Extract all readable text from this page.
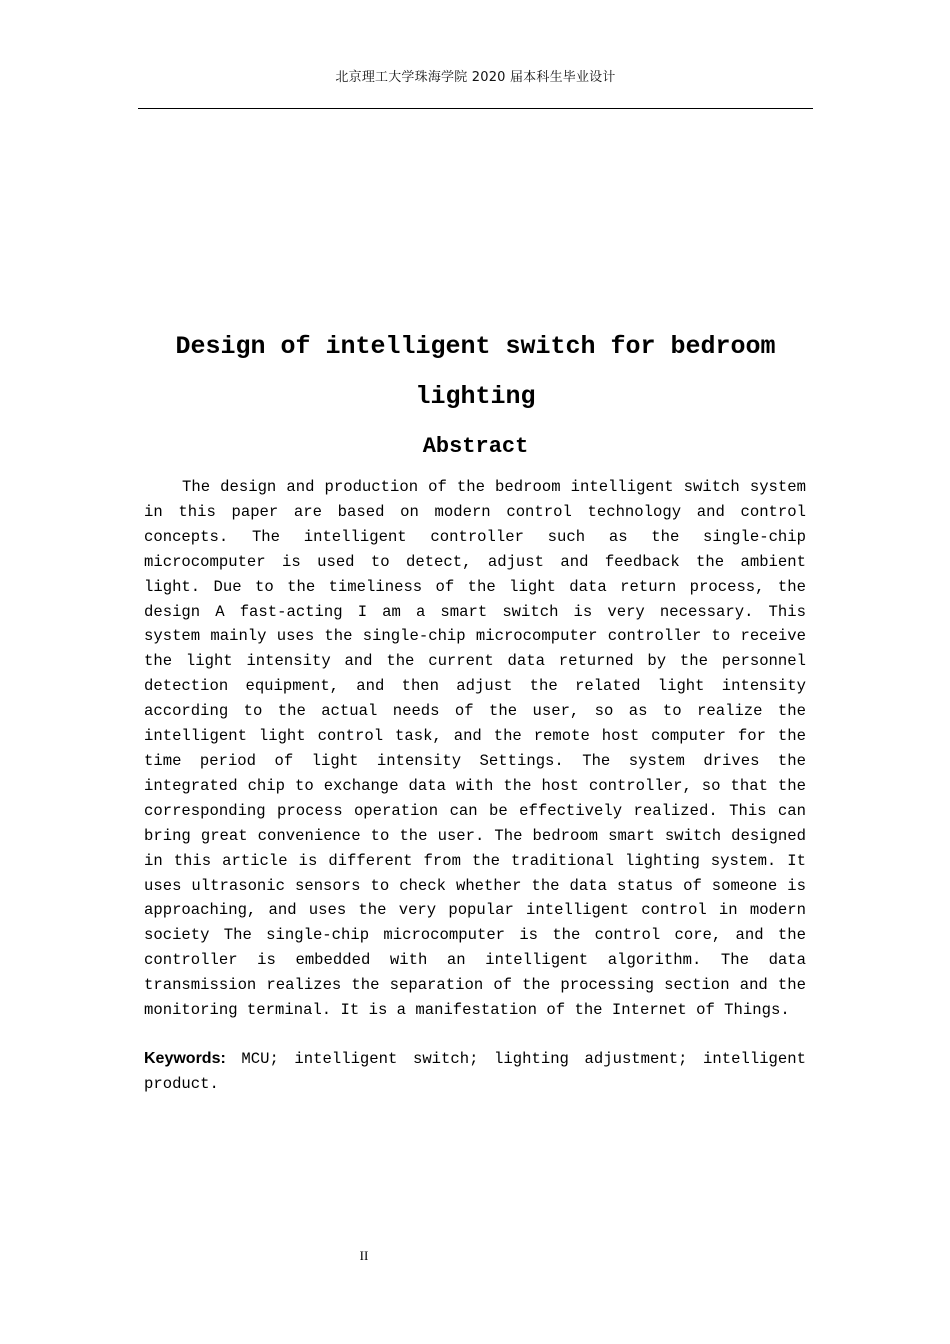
北京理工大学珠海学院 2020 届本科生毕业设计
Design of intelligent switch for bedroom
lighting
Abstract

The design and production of the bedroom intelligent switch system in this paper are based on modern control technology and control concepts. The intelligent controller such as the single-chip microcomputer is used to detect, adjust and feedback the ambient light. Due to the timeliness of the light data return process, the design A fast-acting I am a smart switch is very necessary. This system mainly uses the single-chip microcomputer controller to receive the light intensity and the current data returned by the personnel detection equipment, and then adjust the related light intensity according to the actual needs of the user, so as to realize the intelligent light control task, and the remote host computer for the time period of light intensity Settings. The system drives the integrated chip to exchange data with the host controller, so that the corresponding process operation can be effectively realized. This can bring great convenience to the user. The bedroom smart switch designed in this article is different from the traditional lighting system. It uses ultrasonic sensors to check whether the data status of someone is approaching, and uses the very popular intelligent control in modern society The single-chip microcomputer is the control core, and the controller is embedded with an intelligent algorithm. The data transmission realizes the separation of the processing section and the monitoring terminal. It is a manifestation of the Internet of Things.

Keywords: MCU; intelligent switch; lighting adjustment; intelligent product.

II
